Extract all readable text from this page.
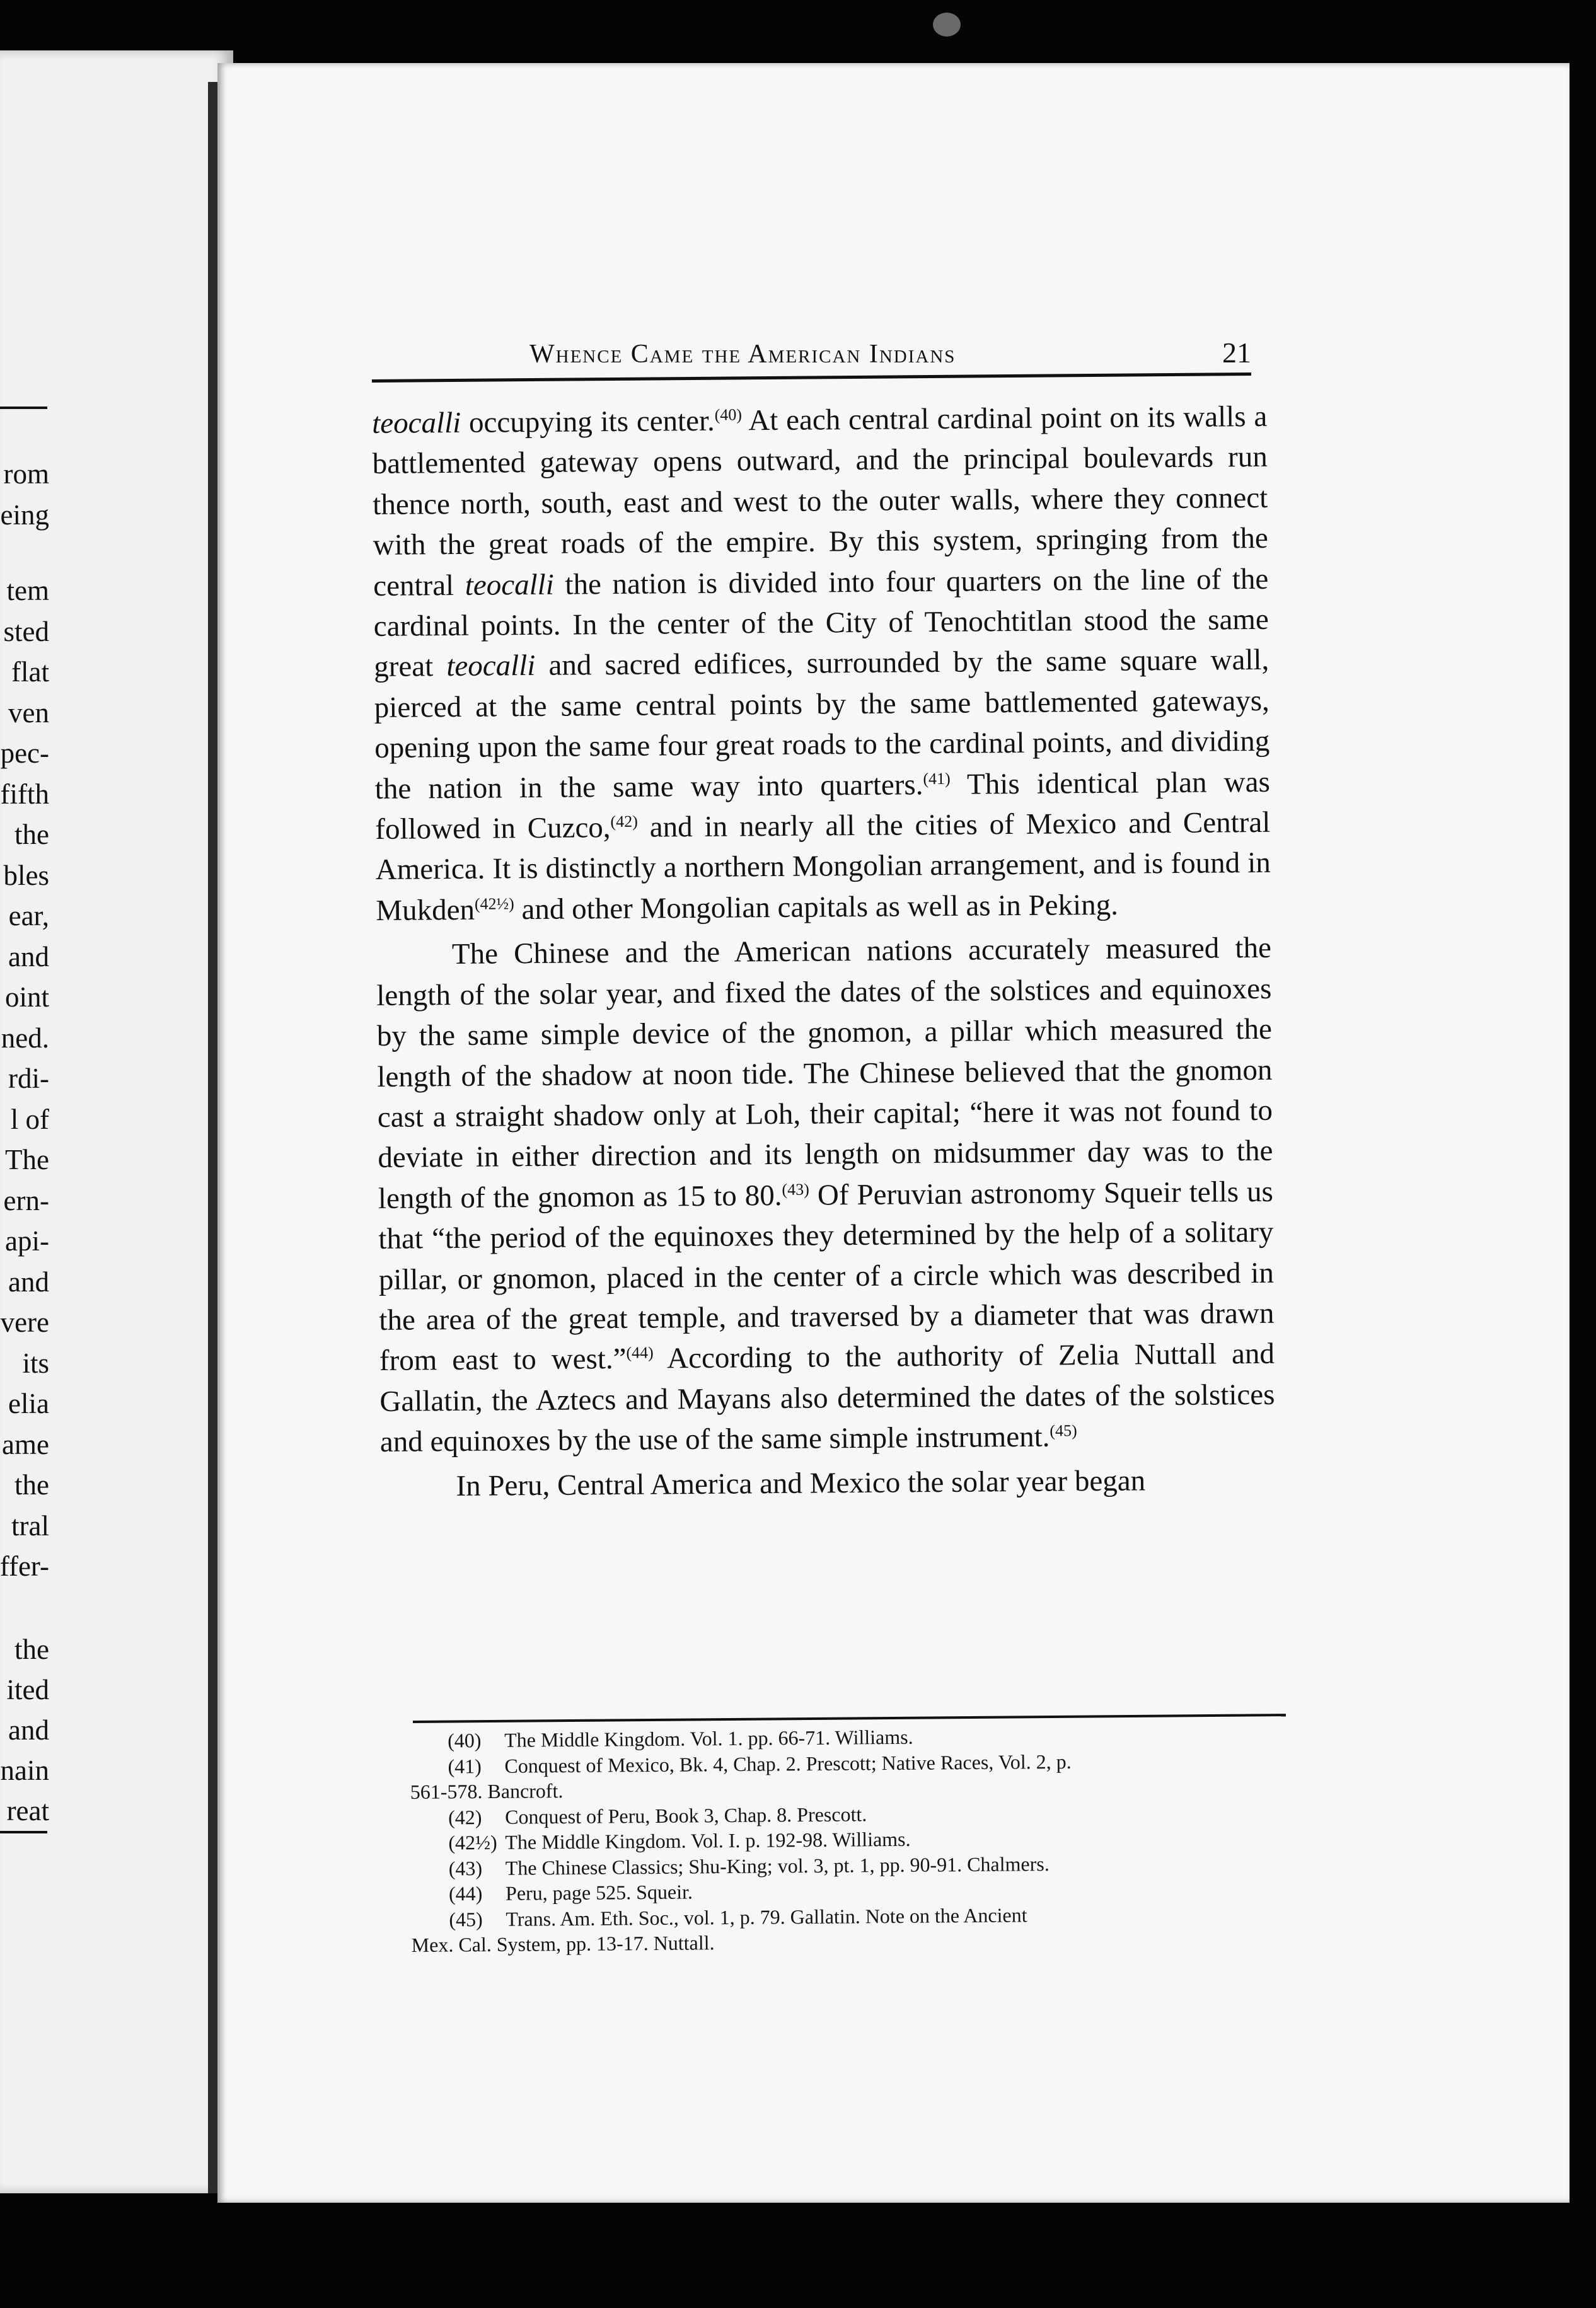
rom
eing
tem
sted
flat
ven
pec-
fifth
the
bles
ear,
and
oint
ned.
rdi-
l of
The
ern-
api-
and
vere
its
elia
ame
the
tral
ffer-
the
ited
and
nain
reat
Whence Came the American Indians	21

teocalli occupying its center.$^{(40)}$ At each central cardinal point on its walls a battlemented gateway opens outward, and the principal boulevards run thence north, south, east and west to the outer walls, where they connect with the great roads of the empire. By this system, springing from the central teocalli the nation is divided into four quarters on the line of the cardinal points. In the center of the City of Tenochtitlan stood the same great teocalli and sacred edifices, surrounded by the same square wall, pierced at the same central points by the same battlemented gateways, opening upon the same four great roads to the cardinal points, and dividing the nation in the same way into quarters.$^{(41)}$ This identical plan was followed in Cuzco,$^{(42)}$ and in nearly all the cities of Mexico and Central America. It is distinctly a northern Mongolian arrangement, and is found in Mukden$^{(42\frac{1}{2})}$ and other Mongolian capitals as well as in Peking.

The Chinese and the American nations accurately measured the length of the solar year, and fixed the dates of the solstices and equinoxes by the same simple device of the gnomon, a pillar which measured the length of the shadow at noon tide. The Chinese believed that the gnomon cast a straight shadow only at Loh, their capital; “here it was not found to deviate in either direction and its length on midsummer day was to the length of the gnomon as 15 to 80.$^{(43)}$ Of Peruvian astronomy Squeir tells us that “the period of the equinoxes they determined by the help of a solitary pillar, or gnomon, placed in the center of a circle which was described in the area of the great temple, and traversed by a diameter that was drawn from east to west.”$^{(44)}$ According to the authority of Zelia Nuttall and Gallatin, the Aztecs and Mayans also determined the dates of the solstices and equinoxes by the use of the same simple instrument.$^{(45)}$

In Peru, Central America and Mexico the solar year began

(40) The Middle Kingdom. Vol. 1. pp. 66-71. Williams.
(41) Conquest of Mexico, Bk. 4, Chap. 2. Prescott; Native Races, Vol. 2, p.
561-578. Bancroft.
(42) Conquest of Peru, Book 3, Chap. 8. Prescott.
(42½) The Middle Kingdom. Vol. I. p. 192-98. Williams.
(43) The Chinese Classics; Shu-King; vol. 3, pt. 1, pp. 90-91. Chalmers.
(44) Peru, page 525. Squeir.
(45) Trans. Am. Eth. Soc., vol. 1, p. 79. Gallatin. Note on the Ancient
Mex. Cal. System, pp. 13-17. Nuttall.
